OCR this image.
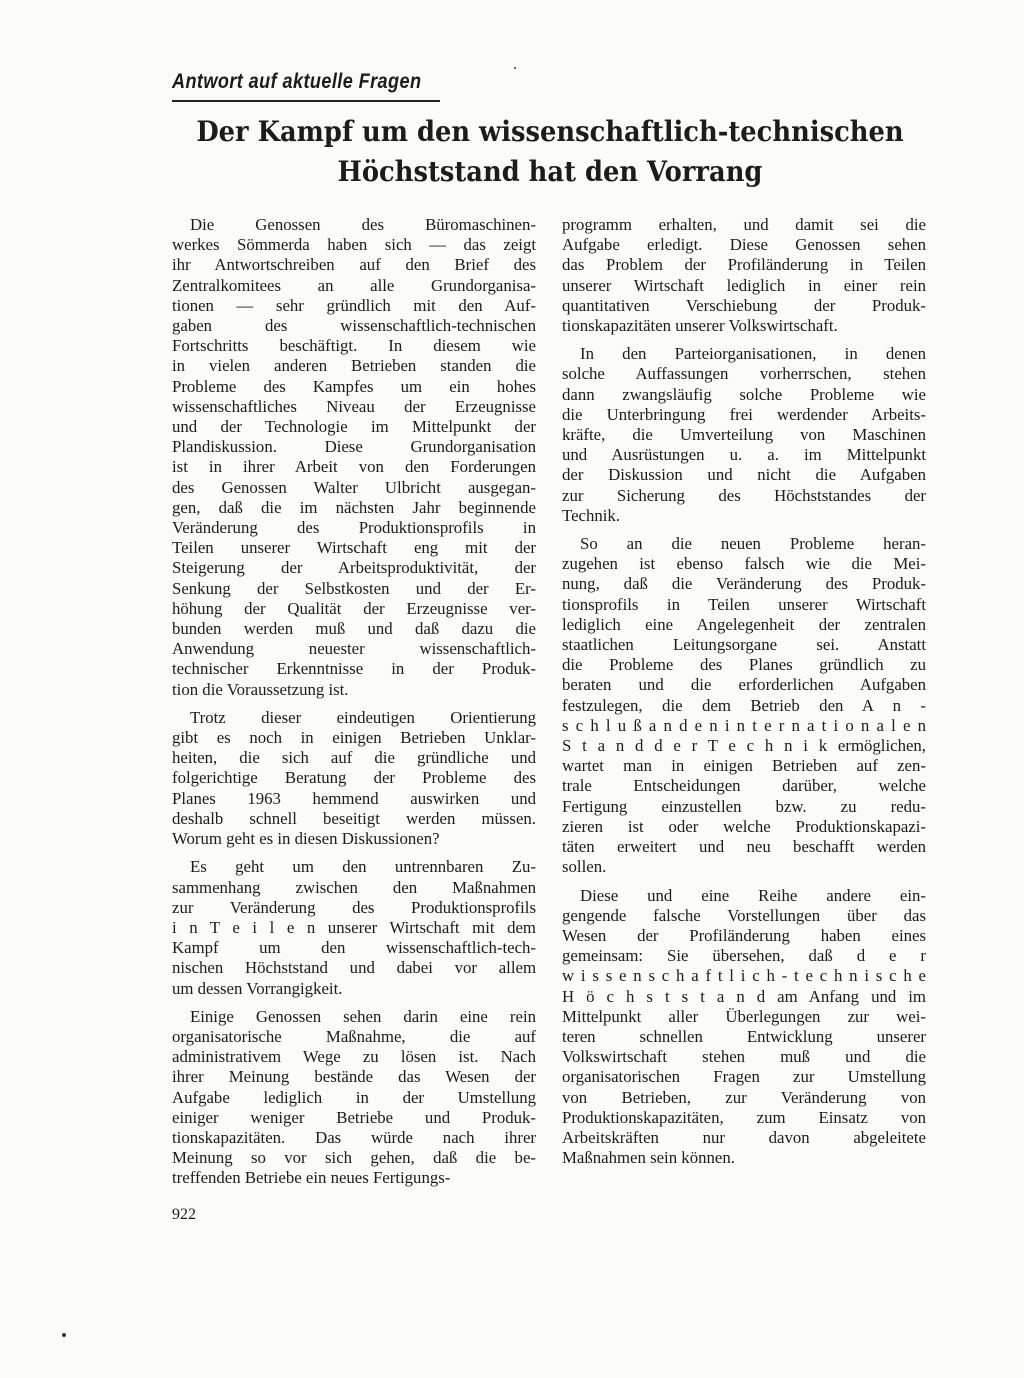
Antwort auf aktuelle Fragen
Der Kampf um den wissenschaftlich-technischen
Höchststand hat den Vorrang

Die Genossen des Büromaschinen-
werkes Sömmerda haben sich — das zeigt
ihr Antwortschreiben auf den Brief des
Zentralkomitees an alle Grundorganisa-
tionen — sehr gründlich mit den Auf-
gaben des wissenschaftlich-technischen
Fortschritts beschäftigt. In diesem wie
in vielen anderen Betrieben standen die
Probleme des Kampfes um ein hohes
wissenschaftliches Niveau der Erzeugnisse
und der Technologie im Mittelpunkt der
Plandiskussion. Diese Grundorganisation
ist in ihrer Arbeit von den Forderungen
des Genossen Walter Ulbricht ausgegan-
gen, daß die im nächsten Jahr beginnende
Veränderung des Produktionsprofils in
Teilen unserer Wirtschaft eng mit der
Steigerung der Arbeitsproduktivität, der
Senkung der Selbstkosten und der Er-
höhung der Qualität der Erzeugnisse ver-
bunden werden muß und daß dazu die
Anwendung neuester wissenschaftlich-
technischer Erkenntnisse in der Produk-
tion die Voraussetzung ist.

Trotz dieser eindeutigen Orientierung
gibt es noch in einigen Betrieben Unklar-
heiten, die sich auf die gründliche und
folgerichtige Beratung der Probleme des
Planes 1963 hemmend auswirken und
deshalb schnell beseitigt werden müssen.
Worum geht es in diesen Diskussionen?

Es geht um den untrennbaren Zu-
sammenhang zwischen den Maßnahmen
zur Veränderung des Produktionsprofils
i n T e i l e n unserer Wirtschaft mit dem
Kampf um den wissenschaftlich-tech-
nischen Höchststand und dabei vor allem
um dessen Vorrangigkeit.

Einige Genossen sehen darin eine rein
organisatorische Maßnahme, die auf
administrativem Wege zu lösen ist. Nach
ihrer Meinung bestände das Wesen der
Aufgabe lediglich in der Umstellung
einiger weniger Betriebe und Produk-
tionskapazitäten. Das würde nach ihrer
Meinung so vor sich gehen, daß die be-
treffenden Betriebe ein neues Fertigungs-

programm erhalten, und damit sei die
Aufgabe erledigt. Diese Genossen sehen
das Problem der Profiländerung in Teilen
unserer Wirtschaft lediglich in einer rein
quantitativen Verschiebung der Produk-
tionskapazitäten unserer Volkswirtschaft.

In den Parteiorganisationen, in denen
solche Auffassungen vorherrschen, stehen
dann zwangsläufig solche Probleme wie
die Unterbringung frei werdender Arbeits-
kräfte, die Umverteilung von Maschinen
und Ausrüstungen u. a. im Mittelpunkt
der Diskussion und nicht die Aufgaben
zur Sicherung des Höchststandes der
Technik.

So an die neuen Probleme heran-
zugehen ist ebenso falsch wie die Mei-
nung, daß die Veränderung des Produk-
tionsprofils in Teilen unserer Wirtschaft
lediglich eine Angelegenheit der zentralen
staatlichen Leitungsorgane sei. Anstatt
die Probleme des Planes gründlich zu
beraten und die erforderlichen Aufgaben
festzulegen, die dem Betrieb den A n -
s c h l u ß a n d e n i n t e r n a t i o n a l e n
S t a n d d e r T e c h n i k ermöglichen,
wartet man in einigen Betrieben auf zen-
trale Entscheidungen darüber, welche
Fertigung einzustellen bzw. zu redu-
zieren ist oder welche Produktionskapazi-
täten erweitert und neu beschafft werden
sollen.

Diese und eine Reihe andere ein-
gengende falsche Vorstellungen über das
Wesen der Profiländerung haben eines
gemeinsam: Sie übersehen, daß d e r
w i s s e n s c h a f t l i c h - t e c h n i s c h e
H ö c h s t s t a n d am Anfang und im
Mittelpunkt aller Überlegungen zur wei-
teren schnellen Entwicklung unserer
Volkswirtschaft stehen muß und die
organisatorischen Fragen zur Umstellung
von Betrieben, zur Veränderung von
Produktionskapazitäten, zum Einsatz von
Arbeitskräften nur davon abgeleitete
Maßnahmen sein können.

922
